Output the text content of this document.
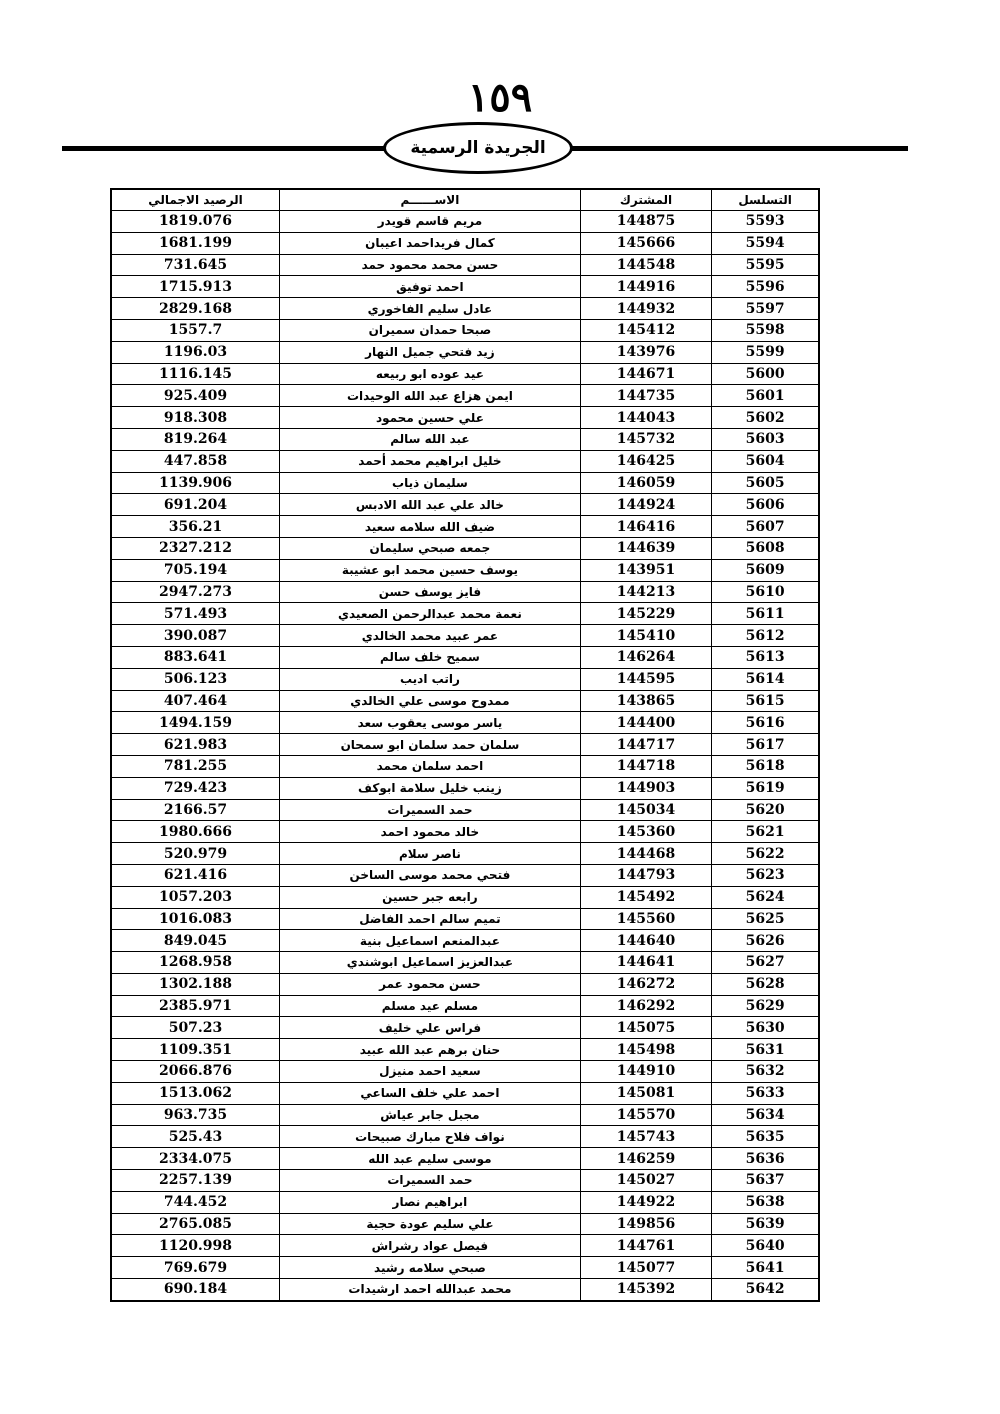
١٥٩
الجريدة الرسمية
التسلسل	المشترك	الاســــــم	الرصيد الاجمالي
5593	144875	مريم قاسم قويدر	1819.076
5594	145666	كمال فريداحمد اعيبان	1681.199
5595	144548	حسن محمد محمود حمد	731.645
5596	144916	احمد توفيق	1715.913
5597	144932	عادل سليم الفاخوري	2829.168
5598	145412	صبحا حمدان سميران	1557.7
5599	143976	زيد فتحي جميل النهار	1196.03
5600	144671	عيد عوده ابو ربيعه	1116.145
5601	144735	ايمن هزاع عبد الله الوحيدات	925.409
5602	144043	علي حسين محمود	918.308
5603	145732	عبد الله سالم	819.264
5604	146425	خليل ابراهيم محمد أحمد	447.858
5605	146059	سليمان ذياب	1139.906
5606	144924	خالد علي عبد الله الادبس	691.204
5607	146416	ضيف الله سلامه سعيد	356.21
5608	144639	جمعه صبحي سليمان	2327.212
5609	143951	يوسف حسين محمد ابو عشيبة	705.194
5610	144213	فايز يوسف حسن	2947.273
5611	145229	نعمة محمد عبدالرحمن الصعيدي	571.493
5612	145410	عمر عبيد محمد الخالدي	390.087
5613	146264	سميح خلف سالم	883.641
5614	144595	راتب اديب	506.123
5615	143865	ممدوح موسى علي الخالدي	407.464
5616	144400	ياسر موسى يعقوب سعد	1494.159
5617	144717	سلمان حمد سلمان ابو سمحان	621.983
5618	144718	احمد سلمان محمد	781.255
5619	144903	زينب خليل سلامة ابوكف	729.423
5620	145034	حمد السميرات	2166.57
5621	145360	خالد محمود احمد	1980.666
5622	144468	ناصر سلام	520.979
5623	144793	فتحي محمد موسى الساخن	621.416
5624	145492	رابعه جبر حسين	1057.203
5625	145560	تميم سالم احمد الفاضل	1016.083
5626	144640	عبدالمنعم اسماعيل بنية	849.045
5627	144641	عبدالعزيز اسماعيل ابوشندي	1268.958
5628	146272	حسن محمود عمر	1302.188
5629	146292	مسلم عيد مسلم	2385.971
5630	145075	فراس علي خليف	507.23
5631	145498	حنان برهم عبد الله عبيد	1109.351
5632	144910	سعيد احمد منيزل	2066.876
5633	145081	احمد علي خلف الساعي	1513.062
5634	145570	مجبل جابر عياش	963.735
5635	145743	نواف فلاح مبارك صبيحات	525.43
5636	146259	موسى سليم عبد الله	2334.075
5637	145027	حمد السميرات	2257.139
5638	144922	ابراهيم نصار	744.452
5639	149856	علي سليم عودة حجية	2765.085
5640	144761	فيصل عواد رشراش	1120.998
5641	145077	صبحي سلامه رشيد	769.679
5642	145392	محمد عبدالله احمد ارشيدات	690.184
